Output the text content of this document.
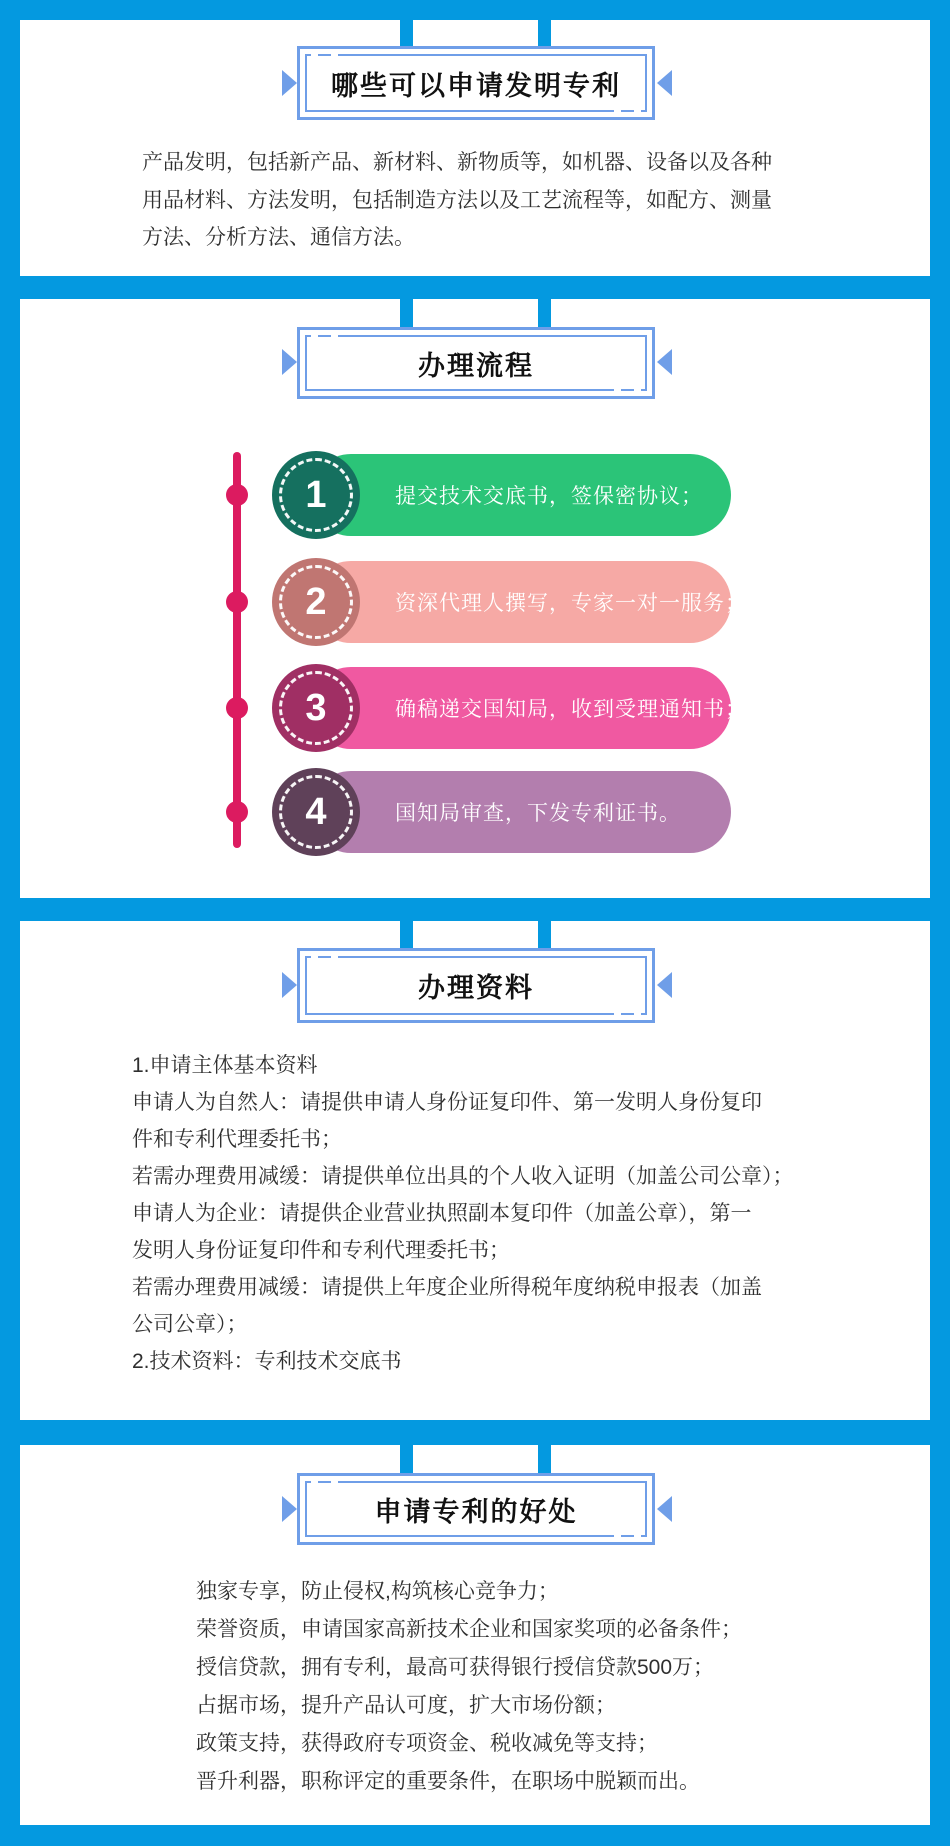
哪些可以申请发明专利
产品发明，包括新产品、新材料、新物质等，如机器、设备以及各种
用品材料、方法发明，包括制造方法以及工艺流程等，如配方、测量
方法、分析方法、通信方法。
办理流程
提交技术交底书，签保密协议；
1
资深代理人撰写，专家一对一服务；
2
确稿递交国知局，收到受理通知书；
3
国知局审查，下发专利证书。
4
办理资料
1.申请主体基本资料
申请人为自然人：请提供申请人身份证复印件、第一发明人身份复印
件和专利代理委托书；
若需办理费用减缓：请提供单位出具的个人收入证明（加盖公司公章）；
申请人为企业：请提供企业营业执照副本复印件（加盖公章），第一
发明人身份证复印件和专利代理委托书；
若需办理费用减缓：请提供上年度企业所得税年度纳税申报表（加盖
公司公章）；
2.技术资料：专利技术交底书
申请专利的好处
独家专享，防止侵权,构筑核心竞争力；
荣誉资质，申请国家高新技术企业和国家奖项的必备条件；
授信贷款，拥有专利，最高可获得银行授信贷款500万；
占据市场，提升产品认可度，扩大市场份额；
政策支持，获得政府专项资金、税收减免等支持；
晋升利器，职称评定的重要条件，在职场中脱颖而出。
